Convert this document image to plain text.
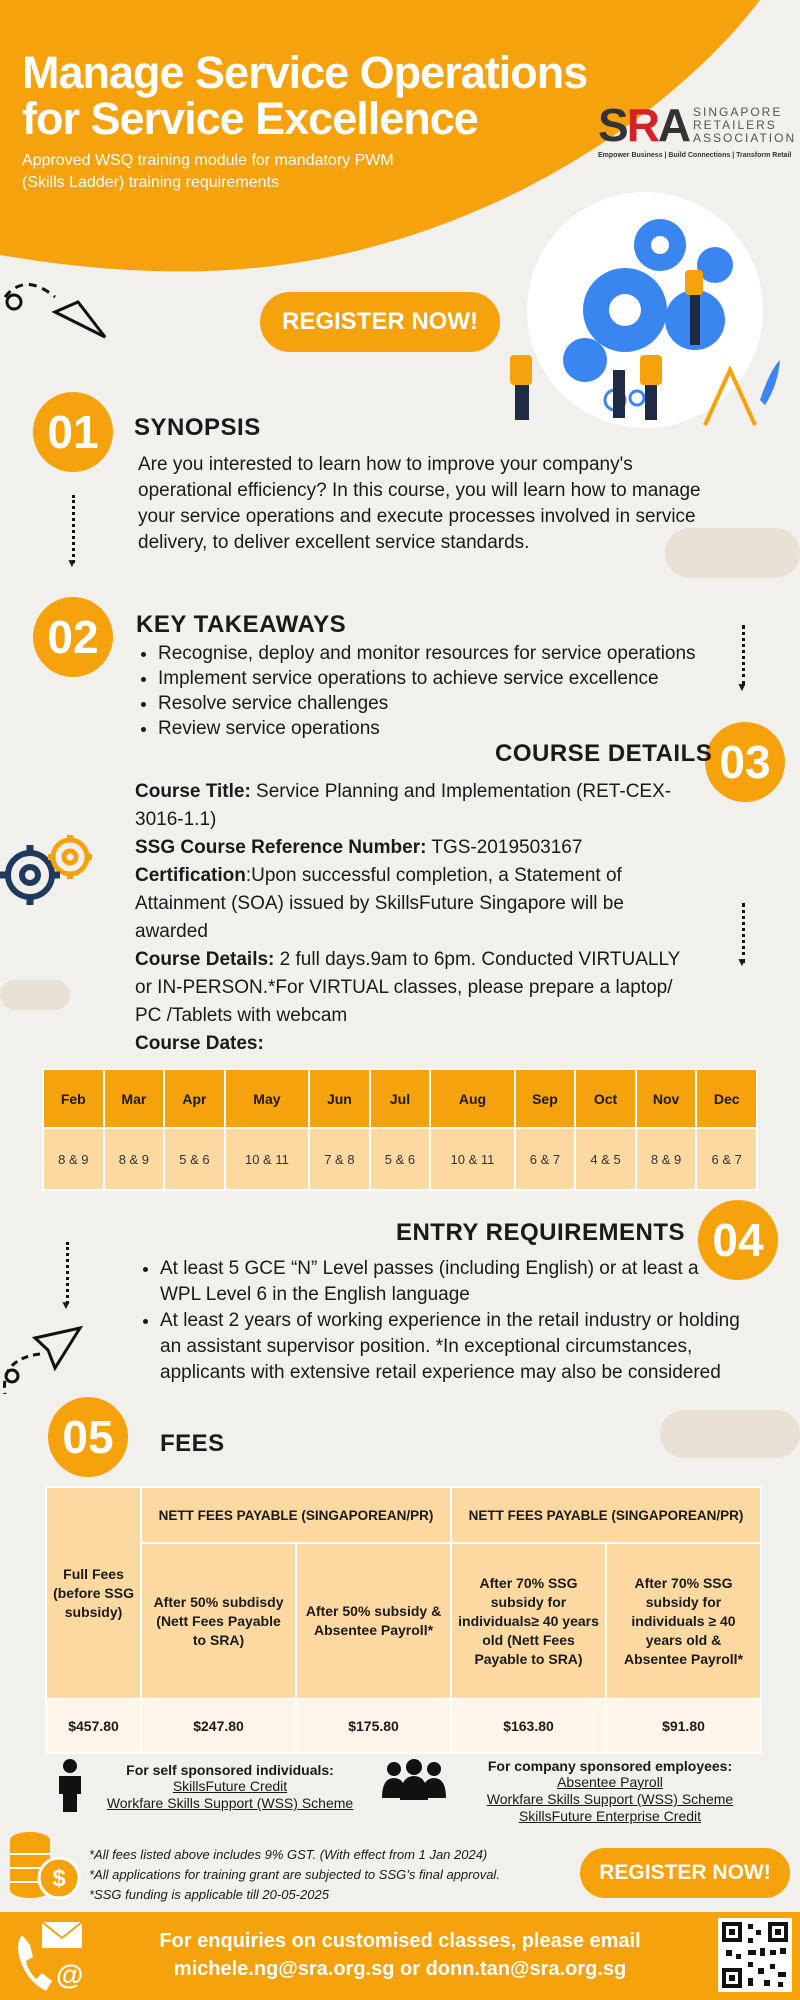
Manage Service Operations
for Service Excellence
Approved WSQ training module for mandatory PWM
(Skills Ladder) training requirements
SRA SINGAPORE
RETAILERS
ASSOCIATION
Empower Business | Build Connections | Transform Retail
REGISTER NOW!
01	SYNOPSIS
Are you interested to learn how to improve your company's operational efficiency? In this course, you will learn how to manage your service operations and execute processes involved in service delivery, to deliver excellent service standards.
▼
02	KEY TAKEAWAYS
• Recognise, deploy and monitor resources for service operations
• Implement service operations to achieve service excellence
• Resolve service challenges
• Review service operations
▼
03
COURSE DETAILS
Course Title: Service Planning and Implementation (RET-CEX-3016-1.1)
SSG Course Reference Number: TGS-2019503167
Certification:Upon successful completion, a Statement of Attainment (SOA) issued by SkillsFuture Singapore will be awarded
Course Details: 2 full days.9am to 6pm. Conducted VIRTUALLY or IN-PERSON.*For VIRTUAL classes, please prepare a laptop/ PC /Tablets with webcam
Course Dates:
▼
Feb	Mar	Apr	May	Jun	Jul	Aug	Sep	Oct	Nov	Dec
8 & 9	8 & 9	5 & 6	10 & 11	7 & 8	5 & 6	10 & 11	6 & 7	4 & 5	8 & 9	6 & 7
04
ENTRY REQUIREMENTS
• At least 5 GCE “N” Level passes (including English) or at least a WPL Level 6 in the English language
• At least 2 years of working experience in the retail industry or holding an assistant supervisor position. *In exceptional circumstances, applicants with extensive retail experience may also be considered
▼
05	FEES
Full Fees (before SSG subsidy)	NETT FEES PAYABLE (SINGAPOREAN/PR)		NETT FEES PAYABLE (SINGAPOREAN/PR)	
	After 50% subdisdy (Nett Fees Payable to SRA)	After 50% subsidy & Absentee Payroll*	After 70% SSG subsidy for individuals≥ 40 years old (Nett Fees Payable to SRA)	After 70% SSG subsidy for individuals ≥ 40 years old & Absentee Payroll*
$457.80	$247.80	$175.80	$163.80	$91.80
For self sponsored individuals:
SkillsFuture Credit
Workfare Skills Support (WSS) Scheme
For company sponsored employees:
Absentee Payroll
Workfare Skills Support (WSS) Scheme
SkillsFuture Enterprise Credit
$
*All fees listed above includes 9% GST. (With effect from 1 Jan 2024)
*All applications for training grant are subjected to SSG’s final approval.
*SSG funding is applicable till 20-05-2025
REGISTER NOW!
@
For enquiries on customised classes, please email
michele.ng@sra.org.sg or donn.tan@sra.org.sg
